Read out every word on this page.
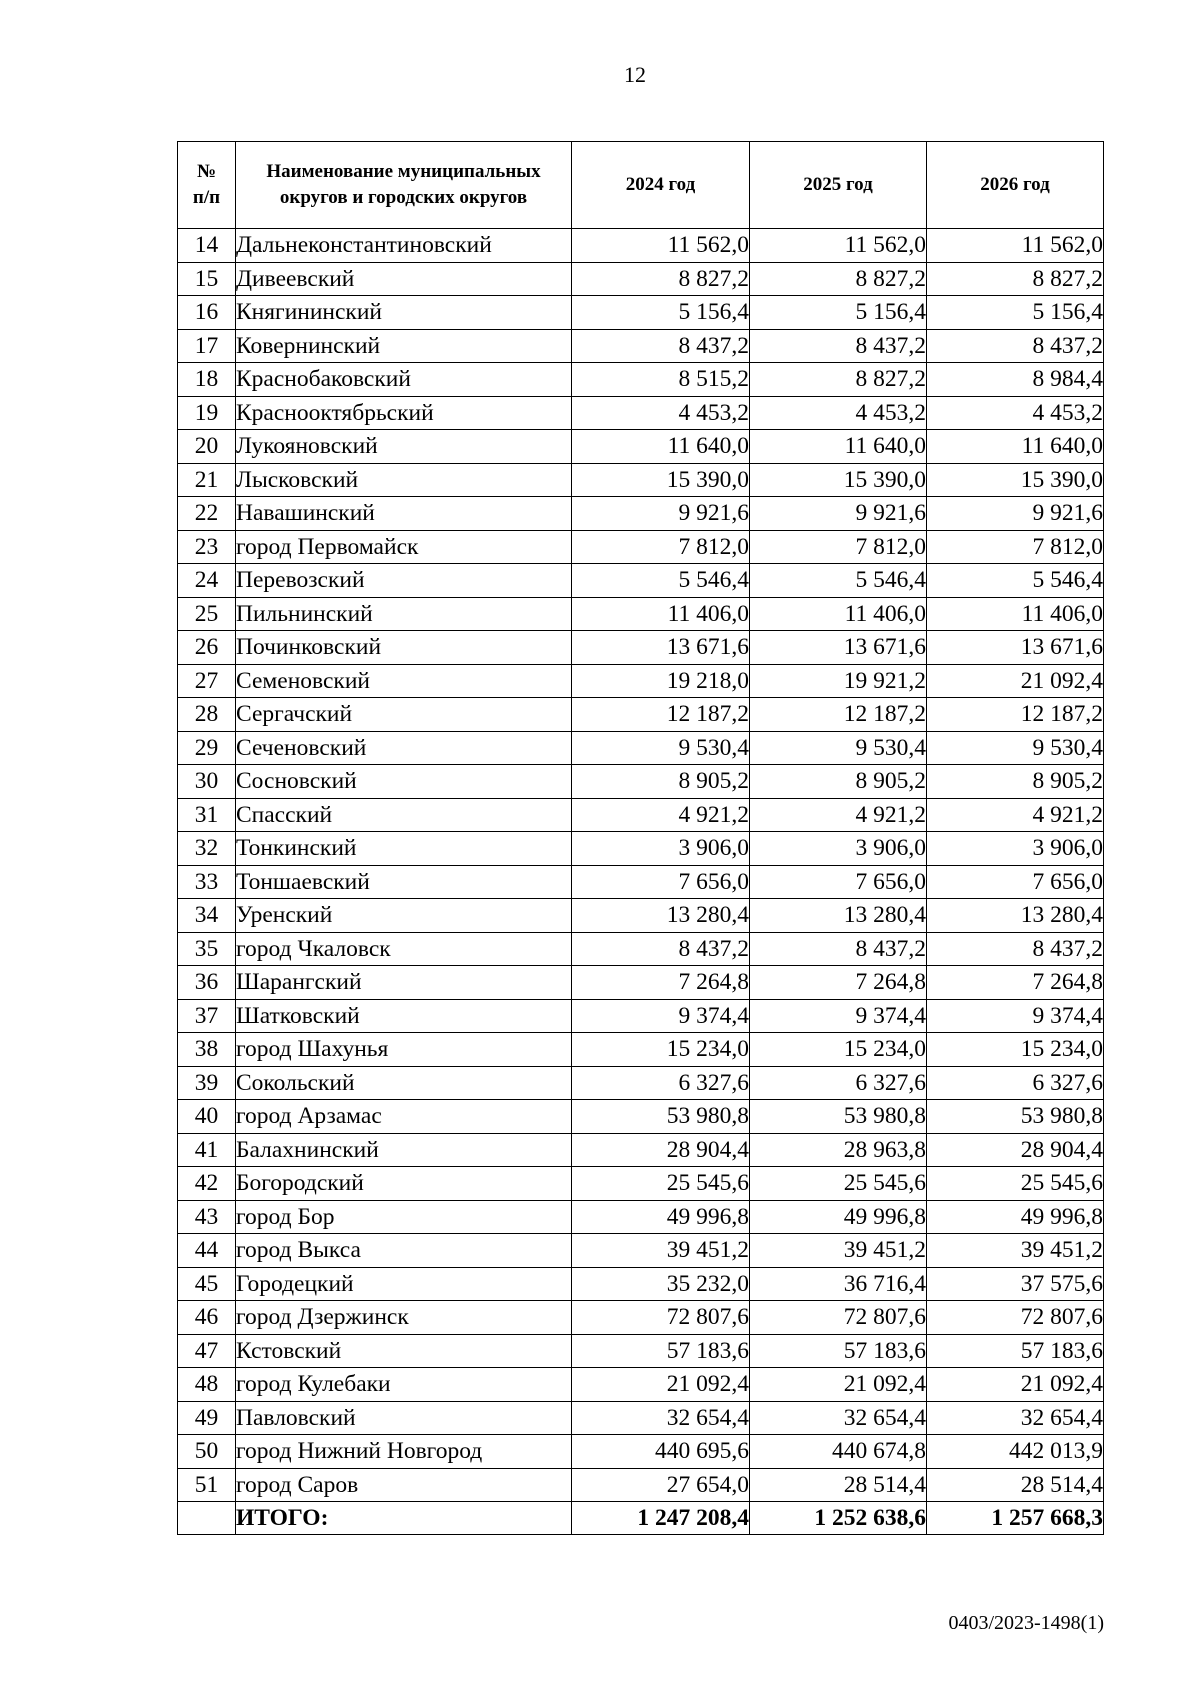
12
№ п/п	Наименование муниципальных округов и городских округов	2024 год	2025 год	2026 год
14	Дальнеконстантиновский	11 562,0	11 562,0	11 562,0
15	Дивеевский	8 827,2	8 827,2	8 827,2
16	Княгининский	5 156,4	5 156,4	5 156,4
17	Ковернинский	8 437,2	8 437,2	8 437,2
18	Краснобаковский	8 515,2	8 827,2	8 984,4
19	Краснооктябрьский	4 453,2	4 453,2	4 453,2
20	Лукояновский	11 640,0	11 640,0	11 640,0
21	Лысковский	15 390,0	15 390,0	15 390,0
22	Навашинский	9 921,6	9 921,6	9 921,6
23	город Первомайск	7 812,0	7 812,0	7 812,0
24	Перевозский	5 546,4	5 546,4	5 546,4
25	Пильнинский	11 406,0	11 406,0	11 406,0
26	Починковский	13 671,6	13 671,6	13 671,6
27	Семеновский	19 218,0	19 921,2	21 092,4
28	Сергачский	12 187,2	12 187,2	12 187,2
29	Сеченовский	9 530,4	9 530,4	9 530,4
30	Сосновский	8 905,2	8 905,2	8 905,2
31	Спасский	4 921,2	4 921,2	4 921,2
32	Тонкинский	3 906,0	3 906,0	3 906,0
33	Тоншаевский	7 656,0	7 656,0	7 656,0
34	Уренский	13 280,4	13 280,4	13 280,4
35	город Чкаловск	8 437,2	8 437,2	8 437,2
36	Шарангский	7 264,8	7 264,8	7 264,8
37	Шатковский	9 374,4	9 374,4	9 374,4
38	город Шахунья	15 234,0	15 234,0	15 234,0
39	Сокольский	6 327,6	6 327,6	6 327,6
40	город Арзамас	53 980,8	53 980,8	53 980,8
41	Балахнинский	28 904,4	28 963,8	28 904,4
42	Богородский	25 545,6	25 545,6	25 545,6
43	город Бор	49 996,8	49 996,8	49 996,8
44	город Выкса	39 451,2	39 451,2	39 451,2
45	Городецкий	35 232,0	36 716,4	37 575,6
46	город Дзержинск	72 807,6	72 807,6	72 807,6
47	Кстовский	57 183,6	57 183,6	57 183,6
48	город Кулебаки	21 092,4	21 092,4	21 092,4
49	Павловский	32 654,4	32 654,4	32 654,4
50	город Нижний Новгород	440 695,6	440 674,8	442 013,9
51	город Саров	27 654,0	28 514,4	28 514,4
	ИТОГО:	1 247 208,4	1 252 638,6	1 257 668,3
0403/2023-1498(1)
